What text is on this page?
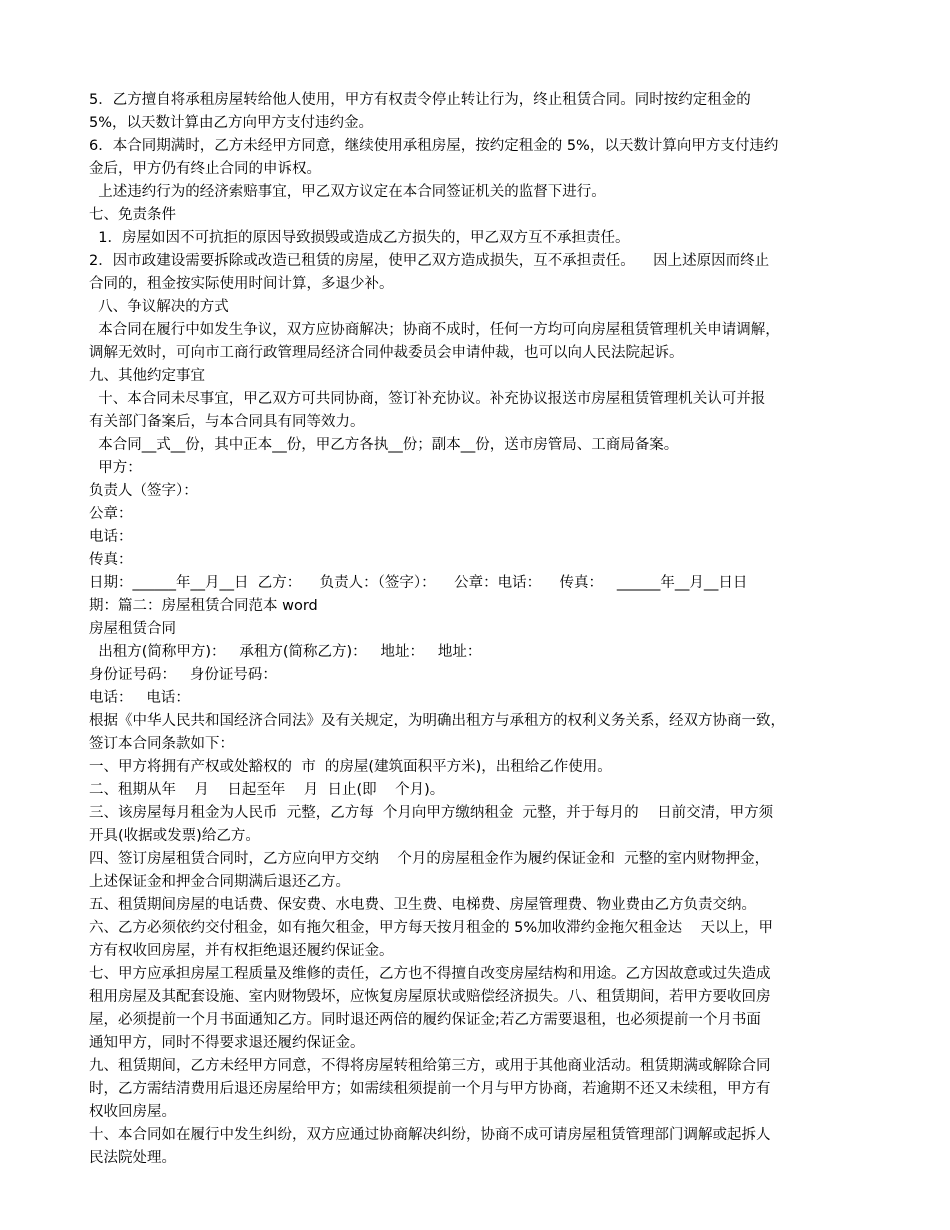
5．乙方擅自将承租房屋转给他人使用，甲方有权责令停止转让行为，终止租赁合同。同时按约定租金的
5%，以天数计算由乙方向甲方支付违约金。
6．本合同期满时，乙方未经甲方同意，继续使用承租房屋，按约定租金的 5%，以天数计算向甲方支付违约
金后，甲方仍有终止合同的申诉权。
上述违约行为的经济索赔事宜，甲乙双方议定在本合同签证机关的监督下进行。
七、免责条件
1．房屋如因不可抗拒的原因导致损毁或造成乙方损失的，甲乙双方互不承担责任。
2．因市政建设需要拆除或改造已租赁的房屋，使甲乙双方造成损失，互不承担责任。    因上述原因而终止
合同的，租金按实际使用时间计算，多退少补。
八、争议解决的方式
本合同在履行中如发生争议，双方应协商解决；协商不成时，任何一方均可向房屋租赁管理机关申请调解，
调解无效时，可向市工商行政管理局经济合同仲裁委员会申请仲裁，也可以向人民法院起诉。
九、其他约定事宜
十、本合同未尽事宜，甲乙双方可共同协商，签订补充协议。补充协议报送市房屋租赁管理机关认可并报
有关部门备案后，与本合同具有同等效力。
本合同__式__份，其中正本__份，甲乙方各执__份；副本__份，送市房管局、工商局备案。
甲方：
负责人（签字）：
公章：
电话：
传真：
日期：______年__月__日  乙方：    负责人：（签字）：    公章：电话：    传真：   ______年__月__日日
期：篇二：房屋租赁合同范本 word
房屋租赁合同
出租方(简称甲方)：   承租方(简称乙方)：   地址：   地址：
身份证号码：   身份证号码：
电话：   电话：
根据《中华人民共和国经济合同法》及有关规定，为明确出租方与承租方的权利义务关系，经双方协商一致，
签订本合同条款如下：
一、甲方将拥有产权或处豁权的  市  的房屋(建筑面积平方米)，出租给乙作使用。
二、租期从年    月    日起至年    月  日止(即    个月)。
三、该房屋每月租金为人民币  元整，乙方每  个月向甲方缴纳租金  元整，并于每月的    日前交清，甲方须
开具(收据或发票)给乙方。
四、签订房屋租赁合同时，乙方应向甲方交纳    个月的房屋租金作为履约保证金和  元整的室内财物押金，
上述保证金和押金合同期满后退还乙方。
五、租赁期间房屋的电话费、保安费、水电费、卫生费、电梯费、房屋管理费、物业费由乙方负责交纳。
六、乙方必须依约交付租金，如有拖欠租金，甲方每天按月租金的 5%加收滞约金拖欠租金达    天以上，甲
方有权收回房屋，并有权拒绝退还履约保证金。
七、甲方应承担房屋工程质量及维修的责任，乙方也不得擅自改变房屋结构和用途。乙方因故意或过失造成
租用房屋及其配套设施、室内财物毁坏，应恢复房屋原状或赔偿经济损失。八、租赁期间，若甲方要收回房
屋，必须提前一个月书面通知乙方。同时退还两倍的履约保证金;若乙方需要退租，也必须提前一个月书面
通知甲方，同时不得要求退还履约保证金。
九、租赁期间，乙方未经甲方同意，不得将房屋转租给第三方，或用于其他商业活动。租赁期满或解除合同
时，乙方需结清费用后退还房屋给甲方；如需续租须提前一个月与甲方协商，若逾期不还又未续租，甲方有
权收回房屋。
十、本合同如在履行中发生纠纷，双方应通过协商解决纠纷，协商不成可请房屋租赁管理部门调解或起拆人
民法院处理。
